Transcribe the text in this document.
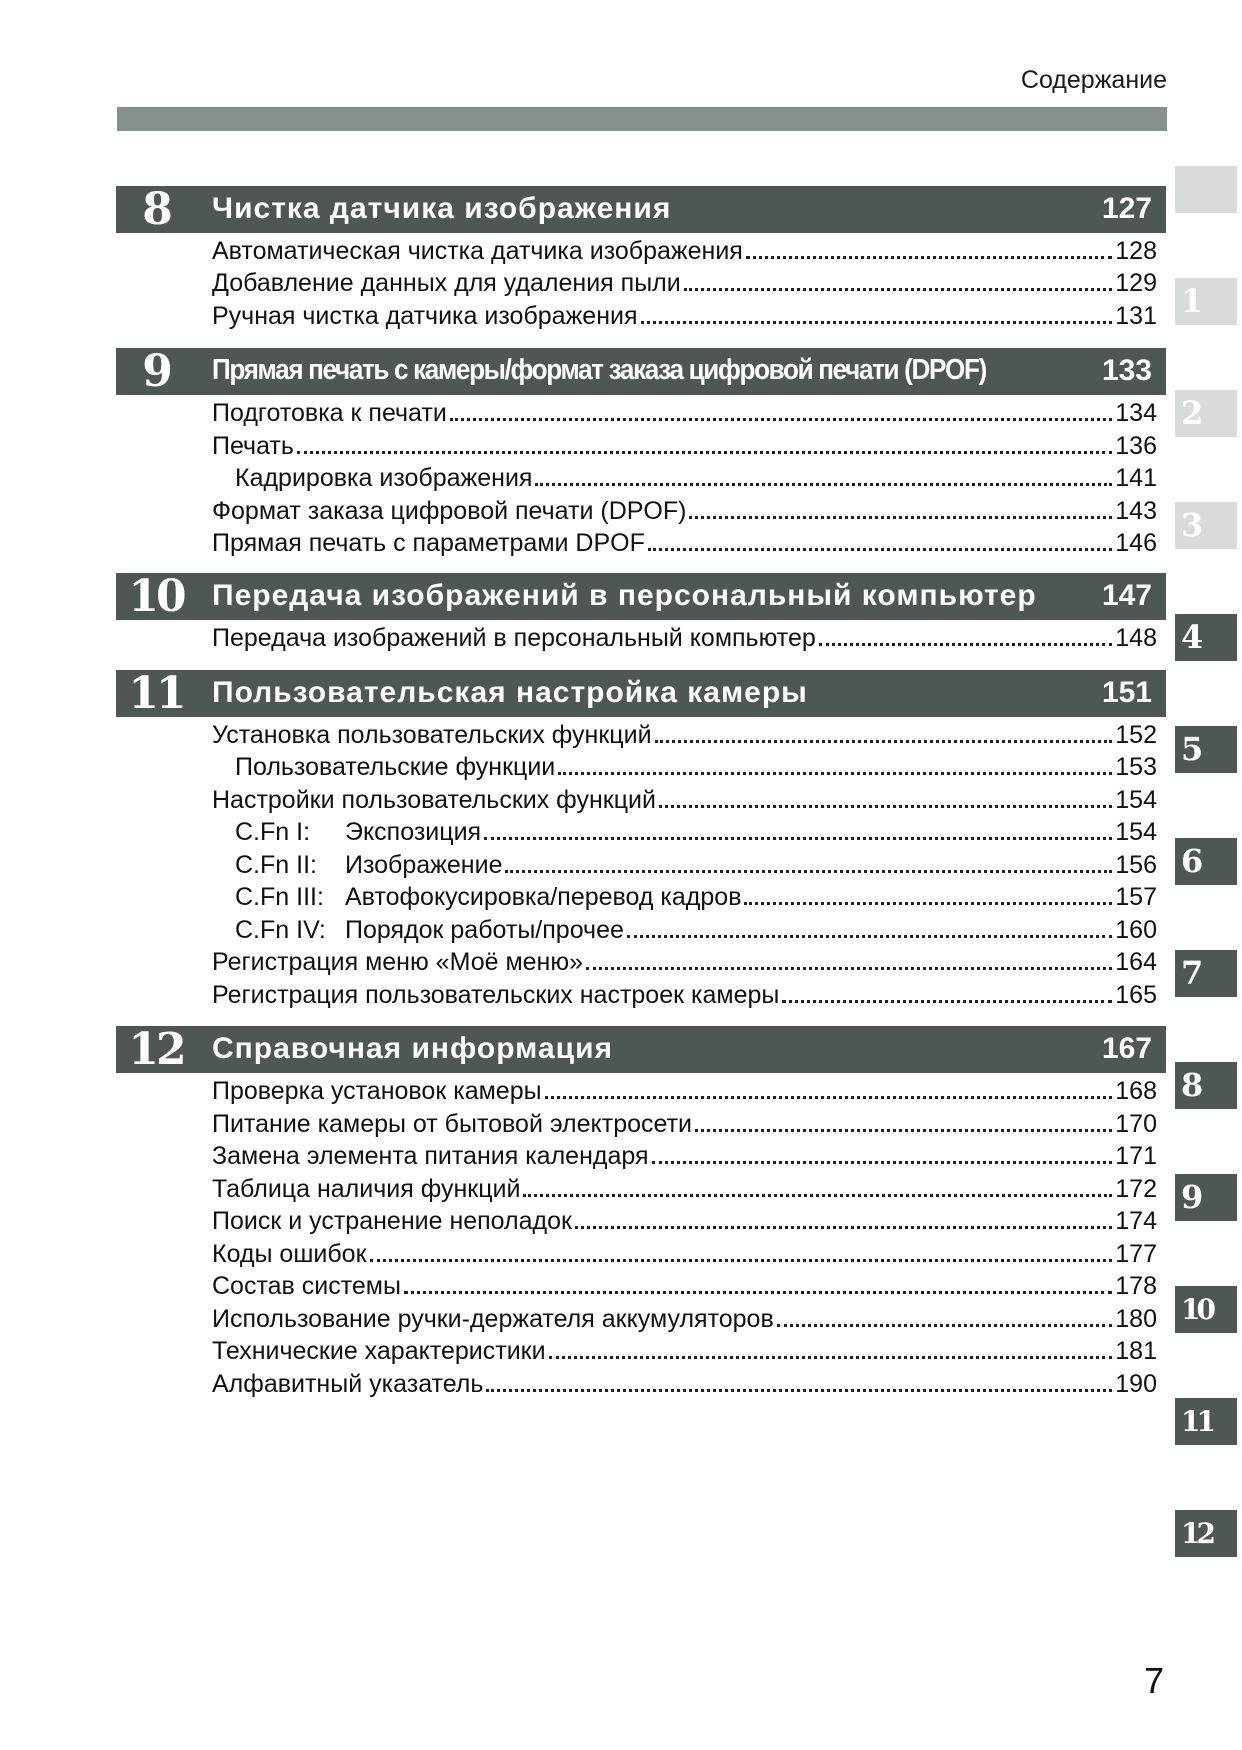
Содержание
8	Чистка датчика изображения	127
Автоматическая чистка датчика изображения	128
Добавление данных для удаления пыли	129
Ручная чистка датчика изображения	131
9	Прямая печать с камеры/формат заказа цифровой печати (DPOF)	133
Подготовка к печати	134
Печать	136
Кадрировка изображения	141
Формат заказа цифровой печати (DPOF)	143
Прямая печать с параметрами DPOF	146
10 Передача изображений в персональный компьютер 147
Передача изображений в персональный компьютер	148
11 Пользовательская настройка камеры	151
Установка пользовательских функций	152
Пользовательские функции	153
Настройки пользовательских функций	154
C.Fn I: Экспозиция	154
C.Fn II: Изображение	156
C.Fn III: Автофокусировка/перевод кадров	157
C.Fn IV: Порядок работы/прочее	160
Регистрация меню «Моё меню»	164
Регистрация пользовательских настроек камеры	165
12 Справочная информация	167
Проверка установок камеры	168
Питание камеры от бытовой электросети	170
Замена элемента питания календаря	171
Таблица наличия функций	172
Поиск и устранение неполадок	174
Коды ошибок	177
Состав системы	178
Использование ручки-держателя аккумуляторов	180
Технические характеристики	181
Алфавитный указатель	190
1
2
3
4
5
6
7
8
9
10
11
12
7
